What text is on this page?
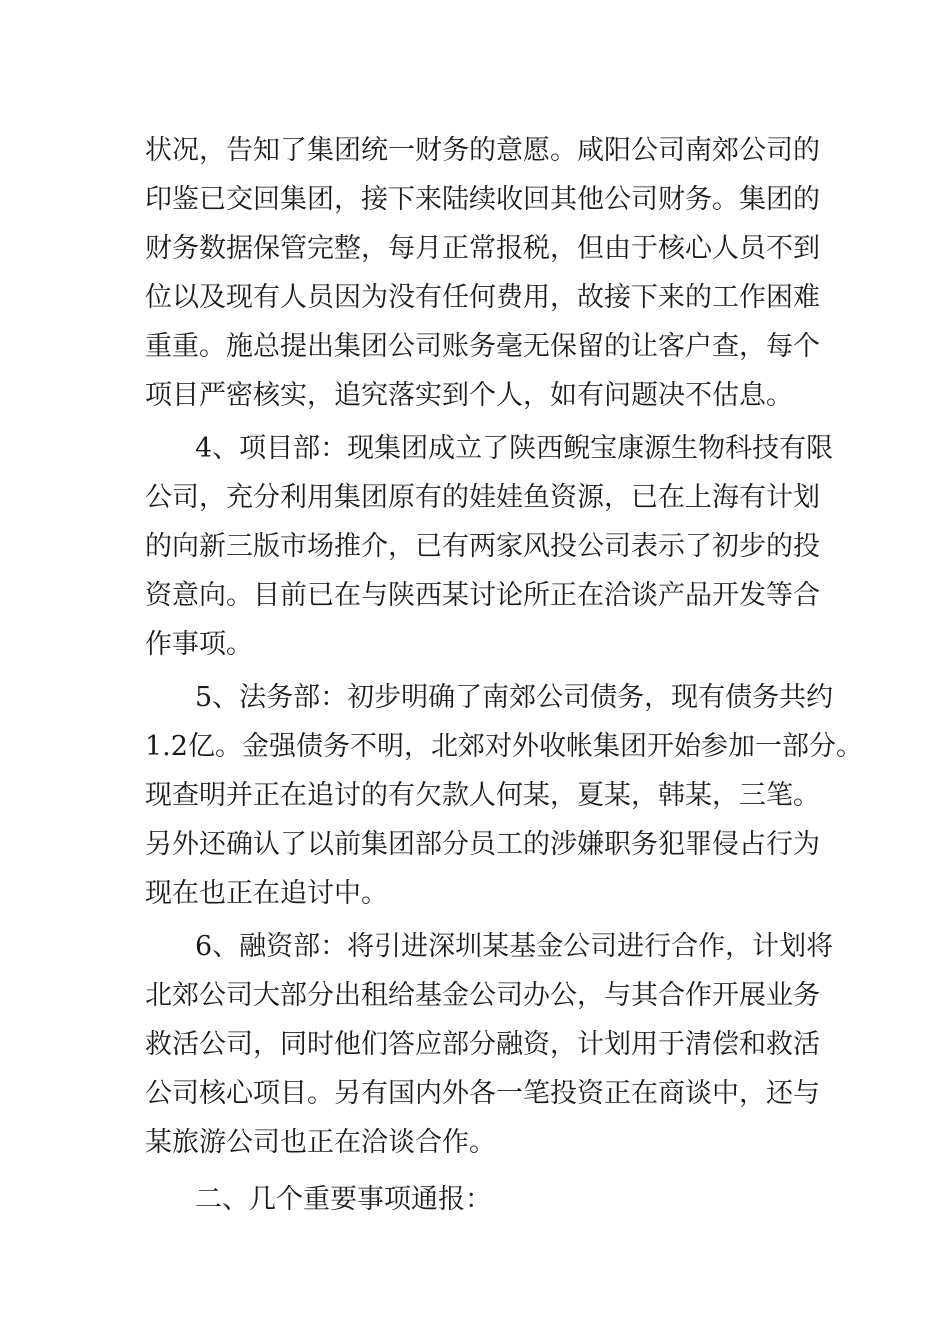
状况，告知了集团统一财务的意愿。咸阳公司南郊公司的
印鉴已交回集团，接下来陆续收回其他公司财务。集团的
财务数据保管完整，每月正常报税，但由于核心人员不到
位以及现有人员因为没有任何费用，故接下来的工作困难
重重。施总提出集团公司账务毫无保留的让客户查，每个
项目严密核实，追究落实到个人，如有问题决不估息。
4、项目部：现集团成立了陕西鲵宝康源生物科技有限
公司，充分利用集团原有的娃娃鱼资源，已在上海有计划
的向新三版市场推介，已有两家风投公司表示了初步的投
资意向。目前已在与陕西某讨论所正在洽谈产品开发等合
作事项。
5、法务部：初步明确了南郊公司债务，现有债务共约
1.2亿。金强债务不明，北郊对外收帐集团开始参加一部分。
现查明并正在追讨的有欠款人何某，夏某，韩某，三笔。
另外还确认了以前集团部分员工的涉嫌职务犯罪侵占行为
现在也正在追讨中。
6、融资部：将引进深圳某基金公司进行合作，计划将
北郊公司大部分出租给基金公司办公，与其合作开展业务
救活公司，同时他们答应部分融资，计划用于清偿和救活
公司核心项目。另有国内外各一笔投资正在商谈中，还与
某旅游公司也正在洽谈合作。
二、几个重要事项通报：
